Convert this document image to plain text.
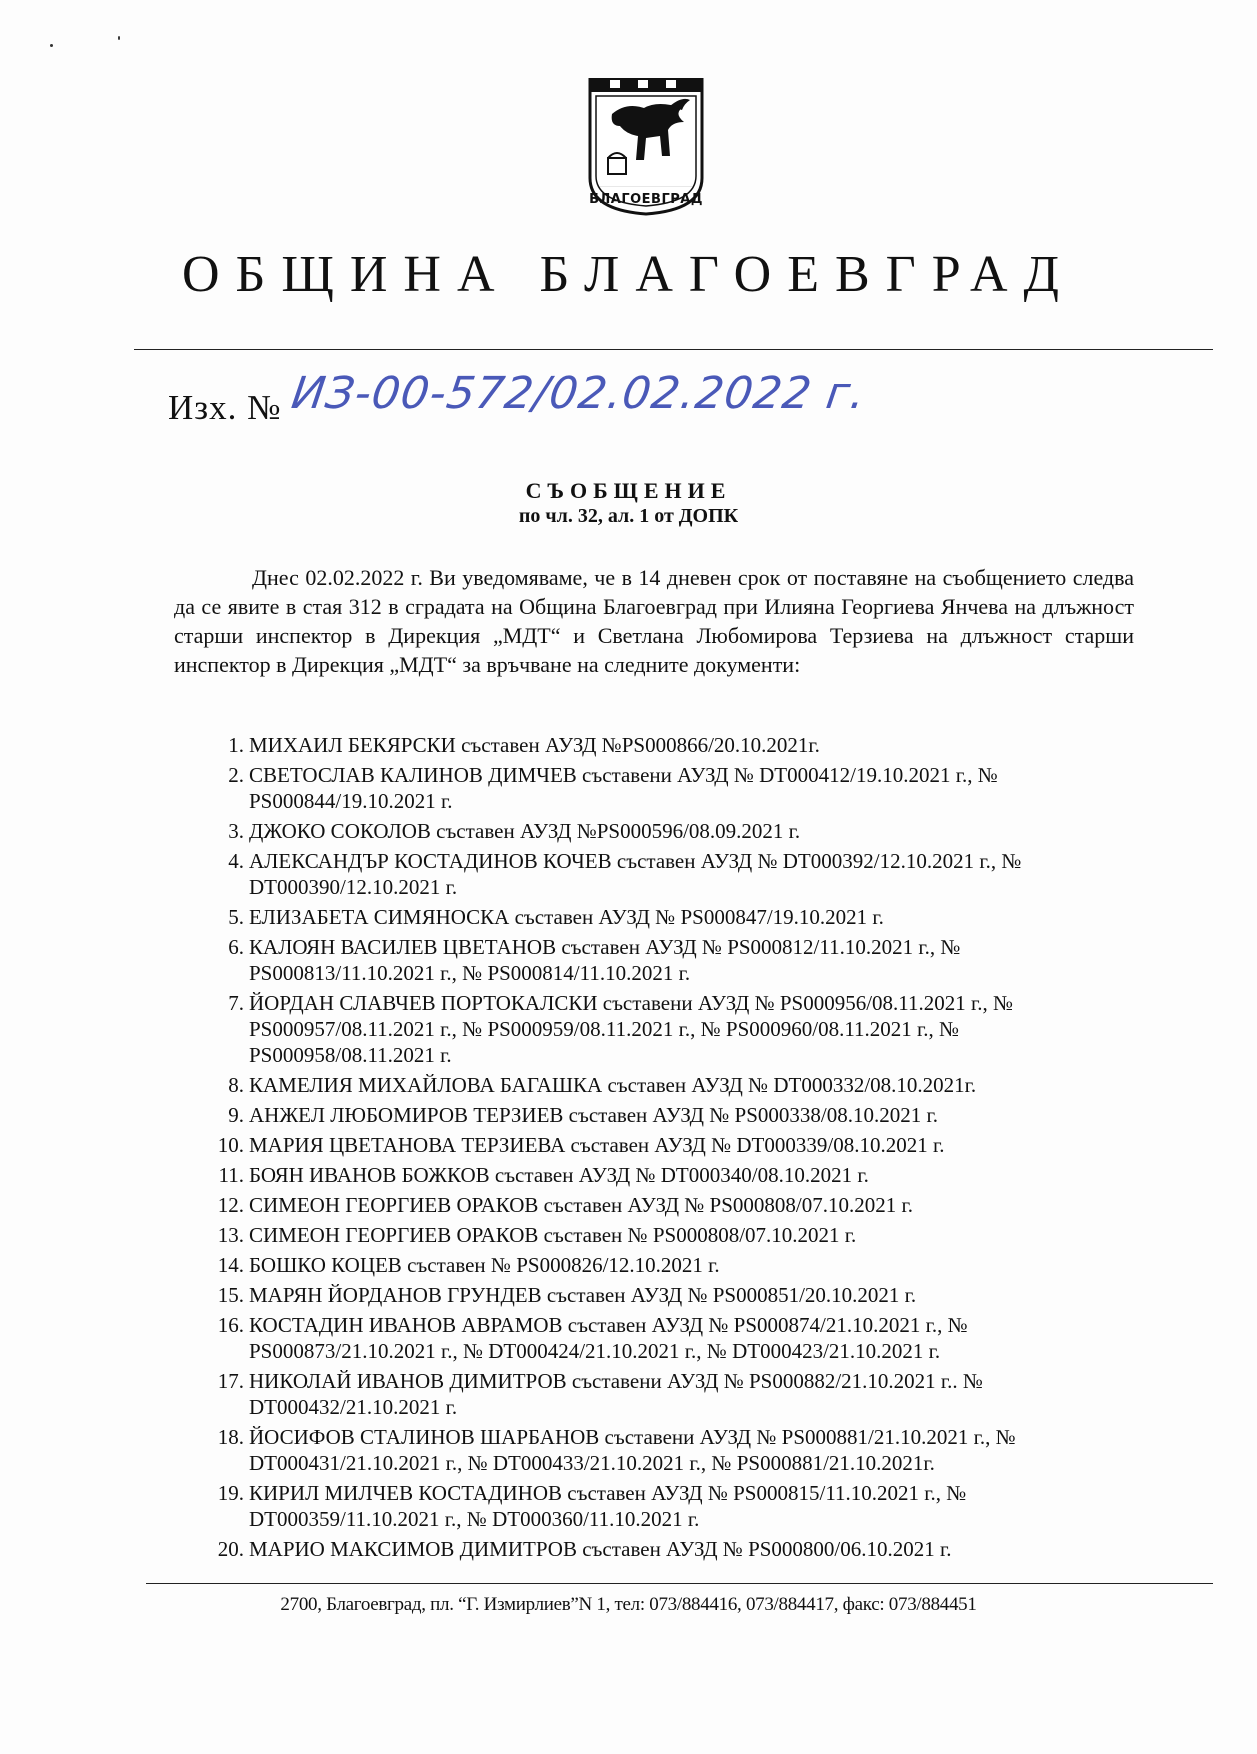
БЛАГОЕВГРАД
ОБЩИНА БЛАГОЕВГРАД
Изх. № ИЗ-00-572/02.02.2022 г.
СЪОБЩЕНИЕ
по чл. 32, ал. 1 от ДОПК

Днес 02.02.2022 г. Ви уведомяваме, че в 14 дневен срок от поставяне на съобщението следва да се явите в стая 312 в сградата на Община Благоевград при Илияна Георгиева Янчева на длъжност старши инспектор в Дирекция „МДТ“ и Светлана Любомирова Терзиева на длъжност старши инспектор в Дирекция „МДТ“ за връчване на следните документи:

1 . МИХАИЛ БЕКЯРСКИ съставен АУЗД №PS000866/20.10.2021г.
2 . СВЕТОСЛАВ КАЛИНОВ ДИМЧЕВ съставени АУЗД № DT000412/19.10.2021 г., № PS000844/19.10.2021 г.
3 . ДЖОКО СОКОЛОВ съставен АУЗД №PS000596/08.09.2021 г.
4 . АЛЕКСАНДЪР КОСТАДИНОВ КОЧЕВ съставен АУЗД № DT000392/12.10.2021 г., № DT000390/12.10.2021 г.
5 . ЕЛИЗАБЕТА СИМЯНОСКА съставен АУЗД № PS000847/19.10.2021 г.
6 . КАЛОЯН ВАСИЛЕВ ЦВЕТАНОВ съставен АУЗД № PS000812/11.10.2021 г., № PS000813/11.10.2021 г., № PS000814/11.10.2021 г.
7 . ЙОРДАН СЛАВЧЕВ ПОРТОКАЛСКИ съставени АУЗД № PS000956/08.11.2021 г., № PS000957/08.11.2021 г., № PS000959/08.11.2021 г., № PS000960/08.11.2021 г., № PS000958/08.11.2021 г.
8 . КАМЕЛИЯ МИХАЙЛОВА БАГАШКА съставен АУЗД № DT000332/08.10.2021г.
9 . АНЖЕЛ ЛЮБОМИРОВ ТЕРЗИЕВ съставен АУЗД № PS000338/08.10.2021 г.
10 . МАРИЯ ЦВЕТАНОВА ТЕРЗИЕВА съставен АУЗД № DT000339/08.10.2021 г.
11 . БОЯН ИВАНОВ БОЖКОВ съставен АУЗД № DT000340/08.10.2021 г.
12 . СИМЕОН ГЕОРГИЕВ ОРАКОВ съставен АУЗД № PS000808/07.10.2021 г.
13 . СИМЕОН ГЕОРГИЕВ ОРАКОВ съставен № PS000808/07.10.2021 г.
14 . БОШКО КОЦЕВ съставен № PS000826/12.10.2021 г.
15 . МАРЯН ЙОРДАНОВ ГРУНДЕВ съставен АУЗД № PS000851/20.10.2021 г.
16 . КОСТАДИН ИВАНОВ АВРАМОВ съставен АУЗД № PS000874/21.10.2021 г., № PS000873/21.10.2021 г., № DT000424/21.10.2021 г., № DT000423/21.10.2021 г.
17 . НИКОЛАЙ ИВАНОВ ДИМИТРОВ съставени АУЗД № PS000882/21.10.2021 г.. № DT000432/21.10.2021 г.
18 . ЙОСИФОВ СТАЛИНОВ ШАРБАНОВ съставени АУЗД № PS000881/21.10.2021 г., № DT000431/21.10.2021 г., № DT000433/21.10.2021 г., № PS000881/21.10.2021г.
19 . КИРИЛ МИЛЧЕВ КОСТАДИНОВ съставен АУЗД № PS000815/11.10.2021 г., № DT000359/11.10.2021 г., № DT000360/11.10.2021 г.
20 . МАРИО МАКСИМОВ ДИМИТРОВ съставен АУЗД № PS000800/06.10.2021 г.
2700, Благоевград, пл. “Г. Измирлиев”N 1, тел: 073/884416, 073/884417, факс: 073/884451
